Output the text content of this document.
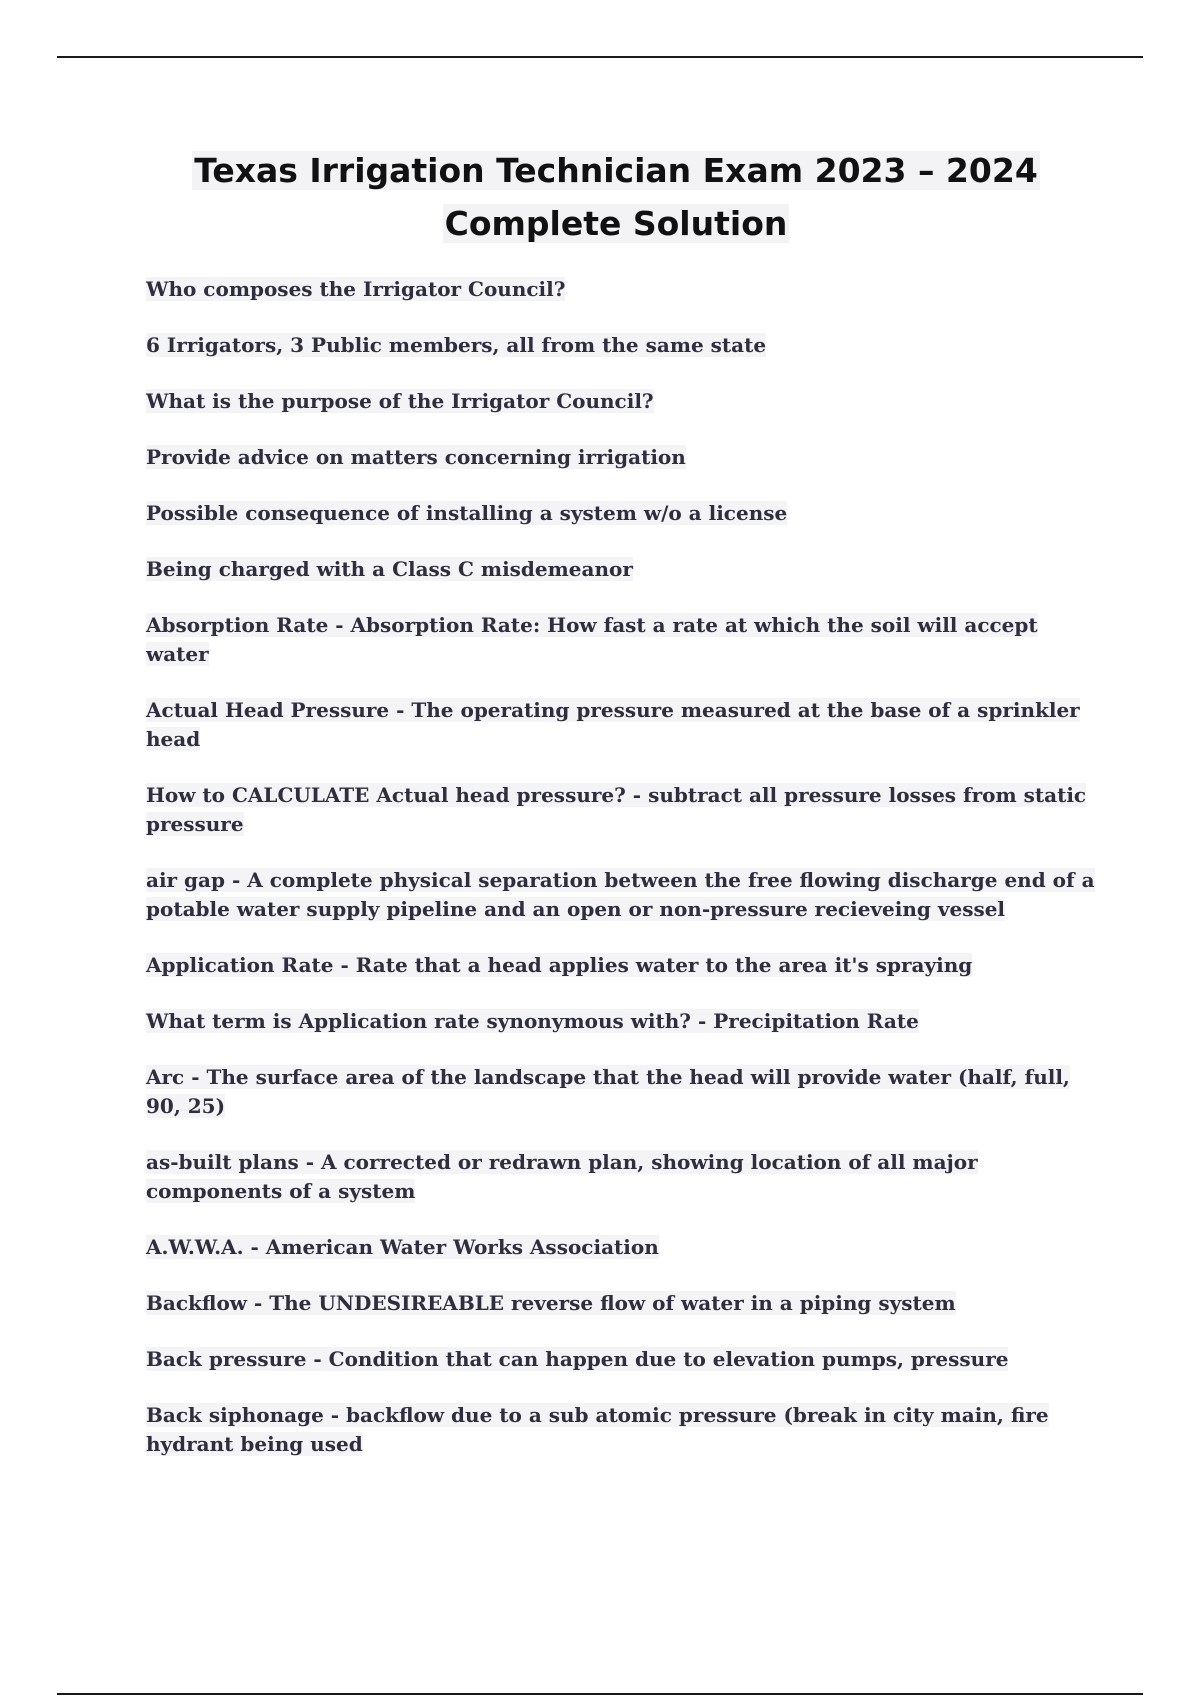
Texas Irrigation Technician Exam 2023 – 2024
Complete Solution

Who composes the Irrigator Council?

6 Irrigators, 3 Public members, all from the same state

What is the purpose of the Irrigator Council?

Provide advice on matters concerning irrigation

Possible consequence of installing a system w/o a license

Being charged with a Class C misdemeanor

Absorption Rate - Absorption Rate: How fast a rate at which the soil will accept water

Actual Head Pressure - The operating pressure measured at the base of a sprinkler head

How to CALCULATE Actual head pressure? - subtract all pressure losses from static pressure

air gap - A complete physical separation between the free flowing discharge end of a potable water supply pipeline and an open or non-pressure recieveing vessel

Application Rate - Rate that a head applies water to the area it's spraying

What term is Application rate synonymous with? - Precipitation Rate

Arc - The surface area of the landscape that the head will provide water (half, full, 90, 25)

as-built plans - A corrected or redrawn plan, showing location of all major components of a system

A.W.W.A. - American Water Works Association

Backflow - The UNDESIREABLE reverse flow of water in a piping system

Back pressure - Condition that can happen due to elevation pumps, pressure

Back siphonage - backflow due to a sub atomic pressure (break in city main, fire hydrant being used
